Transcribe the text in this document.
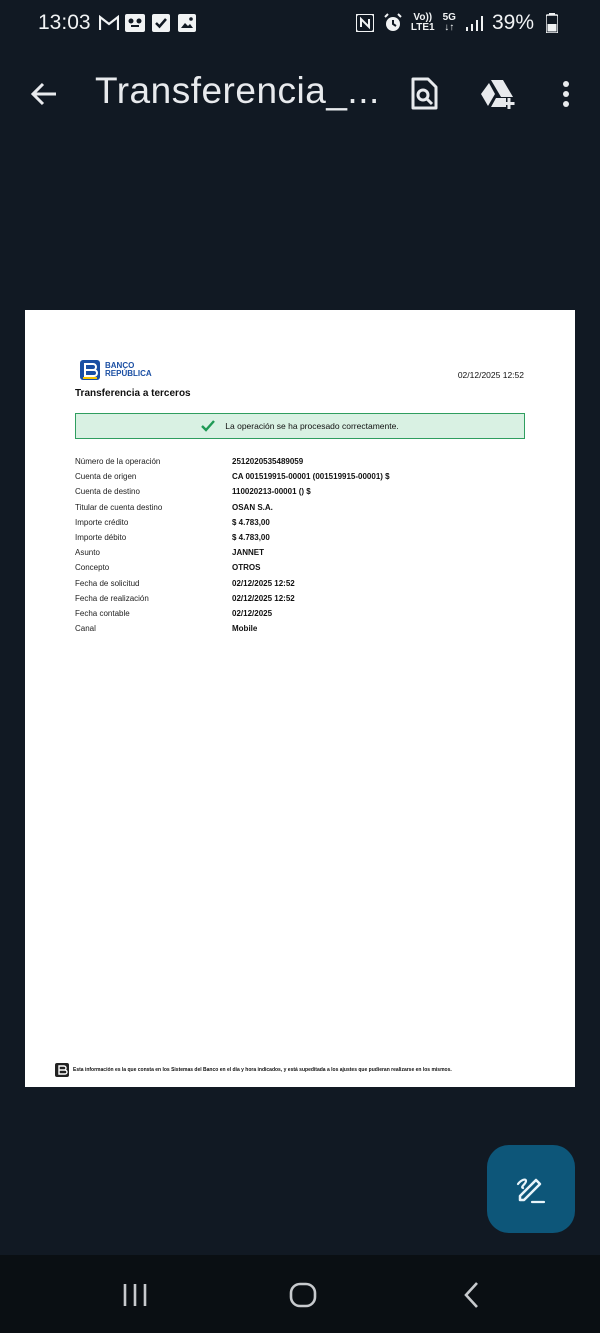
13:03	Vo))
LTE1
5G
↓↑ 39%
Transferencia_...
BANCO
REPÚBLICA	02/12/2025 12:52
Transferencia a terceros
La operación se ha procesado correctamente.
Número de la operación	2512020535489059
Cuenta de origen	CA 001519915-00001 (001519915-00001) $
Cuenta de destino	110020213-00001 () $
Titular de cuenta destino	OSAN S.A.
Importe crédito	$ 4.783,00
Importe débito	$ 4.783,00
Asunto	JANNET
Concepto	OTROS
Fecha de solicitud	02/12/2025 12:52
Fecha de realización	02/12/2025 12:52
Fecha contable	02/12/2025
Canal	Mobile
Esta información es la que consta en los Sistemas del Banco en el día y hora indicados, y está supeditada a los ajustes que pudieran realizarse en los mismos.
